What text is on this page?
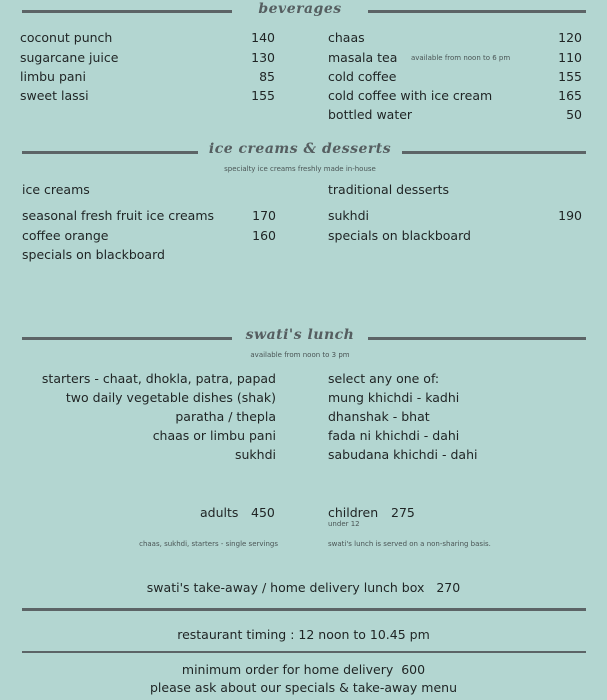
beverages
coconut punch	140
sugarcane juice	130
limbu pani	85
sweet lassi	155
chaas	120
masala tea available from noon to 6 pm	110
cold coffee	155
cold coffee with ice cream	165
bottled water	50
ice creams & desserts
specialty ice creams freshly made in-house
ice creams
seasonal fresh fruit ice creams	170
coffee orange	160
specials on blackboard
traditional desserts
sukhdi	190
specials on blackboard
swati's lunch
available from noon to 3 pm
starters - chaat, dhokla, patra, papad
two daily vegetable dishes (shak)
paratha / thepla
chaas or limbu pani
sukhdi
select any one of:
mung khichdi - kadhi
dhanshak - bhat
fada ni khichdi - dahi
sabudana khichdi - dahi
adults 450	children 275
under 12
chaas, sukhdi, starters - single servings	swati's lunch is served on a non-sharing basis.
swati's take-away / home delivery lunch box 270
restaurant timing : 12 noon to 10.45 pm
minimum order for home delivery  600
please ask about our specials & take-away menu
